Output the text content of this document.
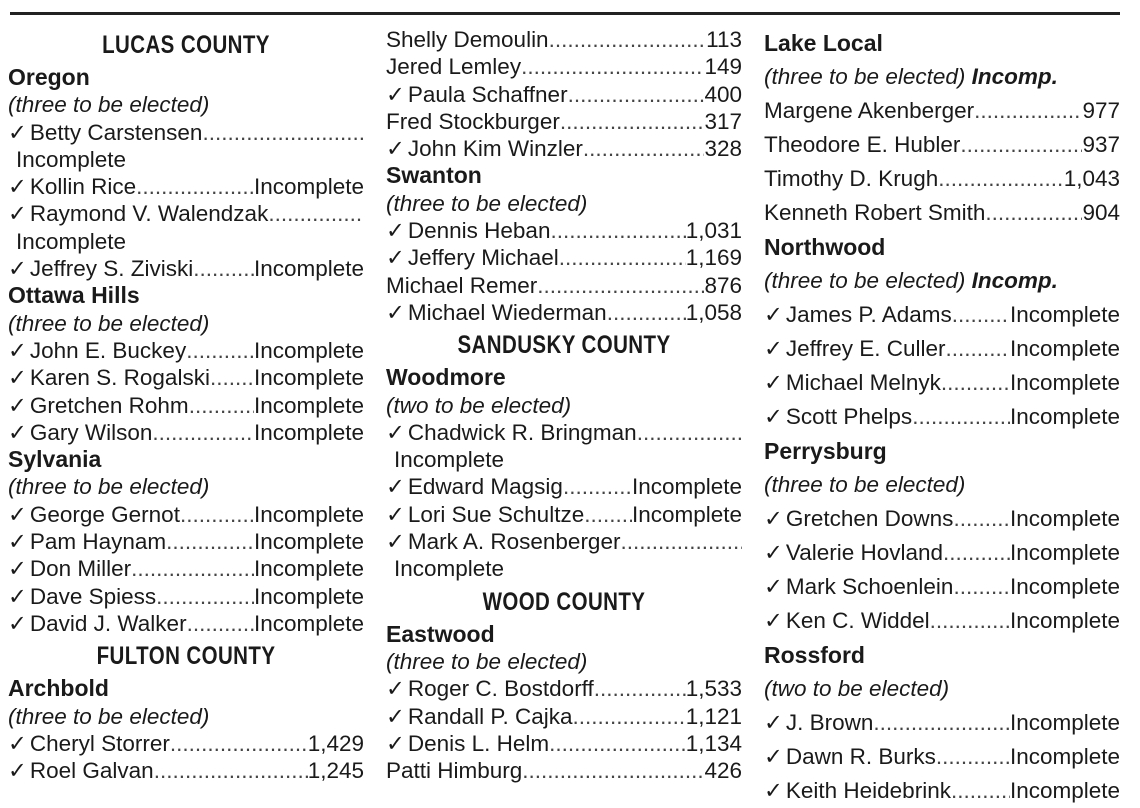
LUCAS COUNTY
Oregon
(three to be elected)
✓ Betty Carstensen
.....
Incomplete
✓ Kollin Rice .....	Incomplete
✓ Raymond V. Walendzak
.....
Incomplete
✓ Jeffrey S. Ziviski .....	Incomplete
Ottawa Hills
(three to be elected)
✓ John E. Buckey .....	Incomplete
✓ Karen S. Rogalski ..... Incomplete
✓ Gretchen Rohm .....	Incomplete
✓ Gary Wilson .....	Incomplete
Sylvania
(three to be elected)
✓ George Gernot .....	Incomplete
✓ Pam Haynam .....	Incomplete
✓ Don Miller .....	Incomplete
✓ Dave Spiess .....	Incomplete
✓ David J. Walker .....	Incomplete
FULTON COUNTY
Archbold
(three to be elected)
✓ Cheryl Storrer .....	1,429
✓ Roel Galvan .....	1,245
Shelly Demoulin .....	113
Jered Lemley .....	149
✓ Paula Schaffner .....	400
Fred Stockburger .....	317
✓ John Kim Winzler .....	328
Swanton
(three to be elected)
✓ Dennis Heban .....	1,031
✓ Jeffery Michael .....	1,169
Michael Remer .....	876
✓ Michael Wiederman .....	1,058
SANDUSKY COUNTY
Woodmore
(two to be elected)
✓ Chadwick R. Bringman
.....
Incomplete
✓ Edward Magsig .....	Incomplete
✓ Lori Sue Schultze ..... Incomplete
✓ Mark A. Rosenberger
.....
Incomplete
WOOD COUNTY
Eastwood
(three to be elected)
✓ Roger C. Bostdorff .....	1,533
✓ Randall P. Cajka .....	1,121
✓ Denis L. Helm .....	1,134
Patti Himburg .....	426
Lake Local
(three to be elected) Incomp.
Margene Akenberger .....	977
Theodore E. Hubler .....	937
Timothy D. Krugh .....	1,043
Kenneth Robert Smith .....	904
Northwood
(three to be elected) Incomp.
✓ James P. Adams .....	Incomplete
✓ Jeffrey E. Culler .....	Incomplete
✓ Michael Melnyk .....	Incomplete
✓ Scott Phelps .....	Incomplete
Perrysburg
(three to be elected)
✓ Gretchen Downs .....	Incomplete
✓ Valerie Hovland .....	Incomplete
✓ Mark Schoenlein .....	Incomplete
✓ Ken C. Widdel .....	Incomplete
Rossford
(two to be elected)
✓ J. Brown .....	Incomplete
✓ Dawn R. Burks .....	Incomplete
✓ Keith Heidebrink .....	Incomplete
